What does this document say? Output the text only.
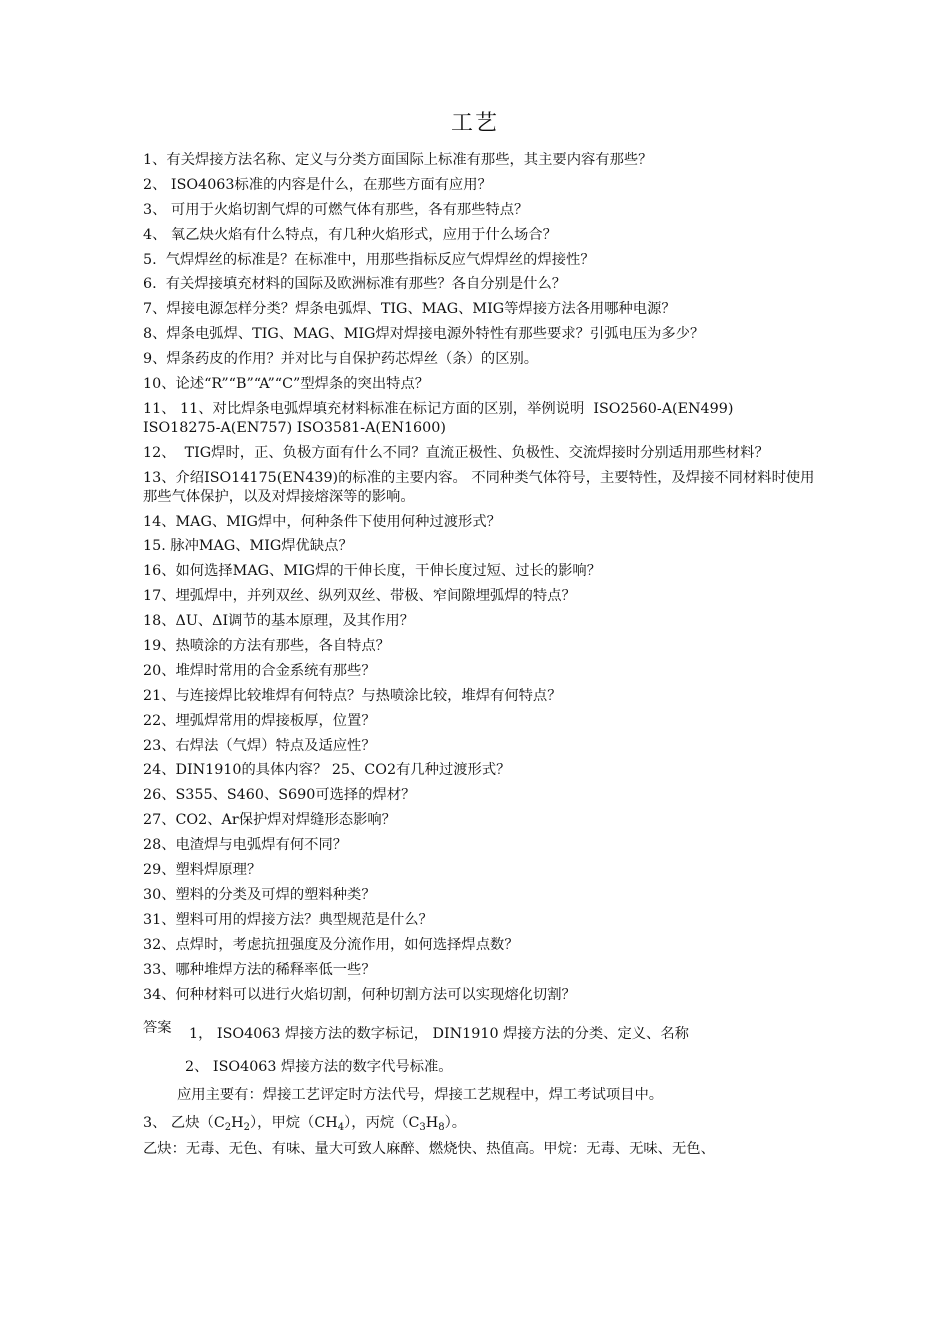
工艺

1、有关焊接方法名称、定义与分类方面国际上标准有那些，其主要内容有那些？

2、 ISO4063标准的内容是什么，在那些方面有应用？

3、 可用于火焰切割气焊的可燃气体有那些，各有那些特点？

4、 氧乙炔火焰有什么特点，有几种火焰形式，应用于什么场合？

5.  气焊焊丝的标准是？在标准中，用那些指标反应气焊焊丝的焊接性？

6.  有关焊接填充材料的国际及欧洲标准有那些？各自分别是什么？

7、焊接电源怎样分类？焊条电弧焊、TIG、MAG、MIG等焊接方法各用哪种电源？

8、焊条电弧焊、TIG、MAG、MIG焊对焊接电源外特性有那些要求？引弧电压为多少？

9、焊条药皮的作用？并对比与自保护药芯焊丝（条）的区别。

10、论述“R”“B”“A”“C”型焊条的突出特点？

11、 11、对比焊条电弧焊填充材料标准在标记方面的区别，举例说明  ISO2560-A(EN499) ISO18275-A(EN757) ISO3581-A(EN1600)

12、  TIG焊时，正、负极方面有什么不同？直流正极性、负极性、交流焊接时分别适用那些材料？

13、介绍ISO14175(EN439)的标准的主要内容。 不同种类气体符号，主要特性，及焊接不同材料时使用那些气体保护，以及对焊接熔深等的影响。

14、MAG、MIG焊中，何种条件下使用何种过渡形式？

15. 脉冲MAG、MIG焊优缺点？

16、如何选择MAG、MIG焊的干伸长度，干伸长度过短、过长的影响？

17、埋弧焊中，并列双丝、纵列双丝、带极、窄间隙埋弧焊的特点？

18、ΔU、ΔI调节的基本原理，及其作用？

19、热喷涂的方法有那些，各自特点？

20、堆焊时常用的合金系统有那些？

21、与连接焊比较堆焊有何特点？与热喷涂比较，堆焊有何特点？

22、埋弧焊常用的焊接板厚，位置？

23、右焊法（气焊）特点及适应性？

24、DIN1910的具体内容？ 25、CO2有几种过渡形式？

26、S355、S460、S690可选择的焊材？

27、CO2、Ar保护焊对焊缝形态影响？

28、电渣焊与电弧焊有何不同？

29、塑料焊原理？

30、塑料的分类及可焊的塑料种类？

31、塑料可用的焊接方法？典型规范是什么？

32、点焊时，考虑抗扭强度及分流作用，如何选择焊点数？

33、哪种堆焊方法的稀释率低一些？

34、何种材料可以进行火焰切割，何种切割方法可以实现熔化切割？

答案	1， ISO4063 焊接方法的数字标记， DIN1910 焊接方法的分类、定义、名称

2、 ISO4063 焊接方法的数字代号标准。

应用主要有：焊接工艺评定时方法代号，焊接工艺规程中，焊工考试项目中。

3、 乙炔$(C_2H_2)$，甲烷$(CH_4)$，丙烷$(C_3H_8)$。

乙炔：无毒、无色、有味、量大可致人麻醉、燃烧快、热值高。甲烷：无毒、无味、无色、
